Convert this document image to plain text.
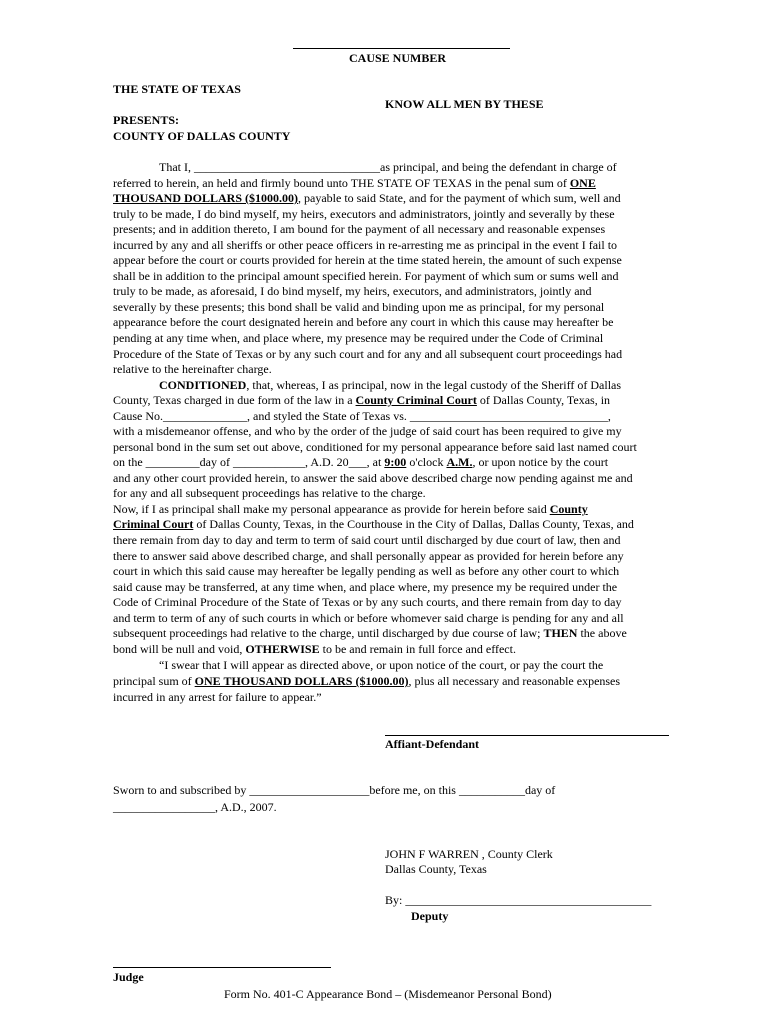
CAUSE NUMBER
THE STATE OF TEXAS
KNOW ALL MEN BY THESE
PRESENTS:
COUNTY OF DALLAS COUNTY
That I, _______________________________as principal, and being the defendant in charge of
referred to herein, an held and firmly bound unto THE STATE OF TEXAS in the penal sum of ONE
THOUSAND DOLLARS ($1000.00), payable to said State, and for the payment of which sum, well and
truly to be made, I do bind myself, my heirs, executors and administrators, jointly and severally by these
presents; and in addition thereto, I am bound for the payment of all necessary and reasonable expenses
incurred by any and all sheriffs or other peace officers in re-arresting me as principal in the event I fail to
appear before the court or courts provided for herein at the time stated herein, the amount of such expense
shall be in addition to the principal amount specified herein. For payment of which sum or sums well and
truly to be made, as aforesaid, I do bind myself, my heirs, executors, and administrators, jointly and
severally by these presents; this bond shall be valid and binding upon me as principal, for my personal
appearance before the court designated herein and before any court in which this cause may hereafter be
pending at any time when, and place where, my presence may be required under the Code of Criminal
Procedure of the State of Texas or by any such court and for any and all subsequent court proceedings had
relative to the hereinafter charge.
CONDITIONED, that, whereas, I as principal, now in the legal custody of the Sheriff of Dallas
County, Texas charged in due form of the law in a County Criminal Court of Dallas County, Texas, in
Cause No.______________, and styled the State of Texas vs. _________________________________,
with a misdemeanor offense, and who by the order of the judge of said court has been required to give my
personal bond in the sum set out above, conditioned for my personal appearance before said last named court
on the _________day of ____________, A.D. 20___, at 9:00 o'clock A.M., or upon notice by the court
and any other court provided herein, to answer the said above described charge now pending against me and
for any and all subsequent proceedings has relative to the charge.
Now, if I as principal shall make my personal appearance as provide for herein before said County
Criminal Court of Dallas County, Texas, in the Courthouse in the City of Dallas, Dallas County, Texas, and
there remain from day to day and term to term of said court until discharged by due court of law, then and
there to answer said above described charge, and shall personally appear as provided for herein before any
court in which this said cause may hereafter be legally pending as well as before any other court to which
said cause may be transferred, at any time when, and place where, my presence my be required under the
Code of Criminal Procedure of the State of Texas or by any such courts, and there remain from day to day
and term to term of any of such courts in which or before whomever said charge is pending for any and all
subsequent proceedings had relative to the charge, until discharged by due course of law; THEN the above
bond will be null and void, OTHERWISE to be and remain in full force and effect.
“I swear that I will appear as directed above, or upon notice of the court, or pay the court the
principal sum of ONE THOUSAND DOLLARS ($1000.00), plus all necessary and reasonable expenses
incurred in any arrest for failure to appear.”
Affiant-Defendant
Sworn to and subscribed by ____________________before me, on this ___________day of
_________________, A.D., 2007.
JOHN F WARREN , County Clerk
Dallas County, Texas
By: _________________________________________
Deputy
Judge
Form No. 401-C Appearance Bond – (Misdemeanor Personal Bond)
